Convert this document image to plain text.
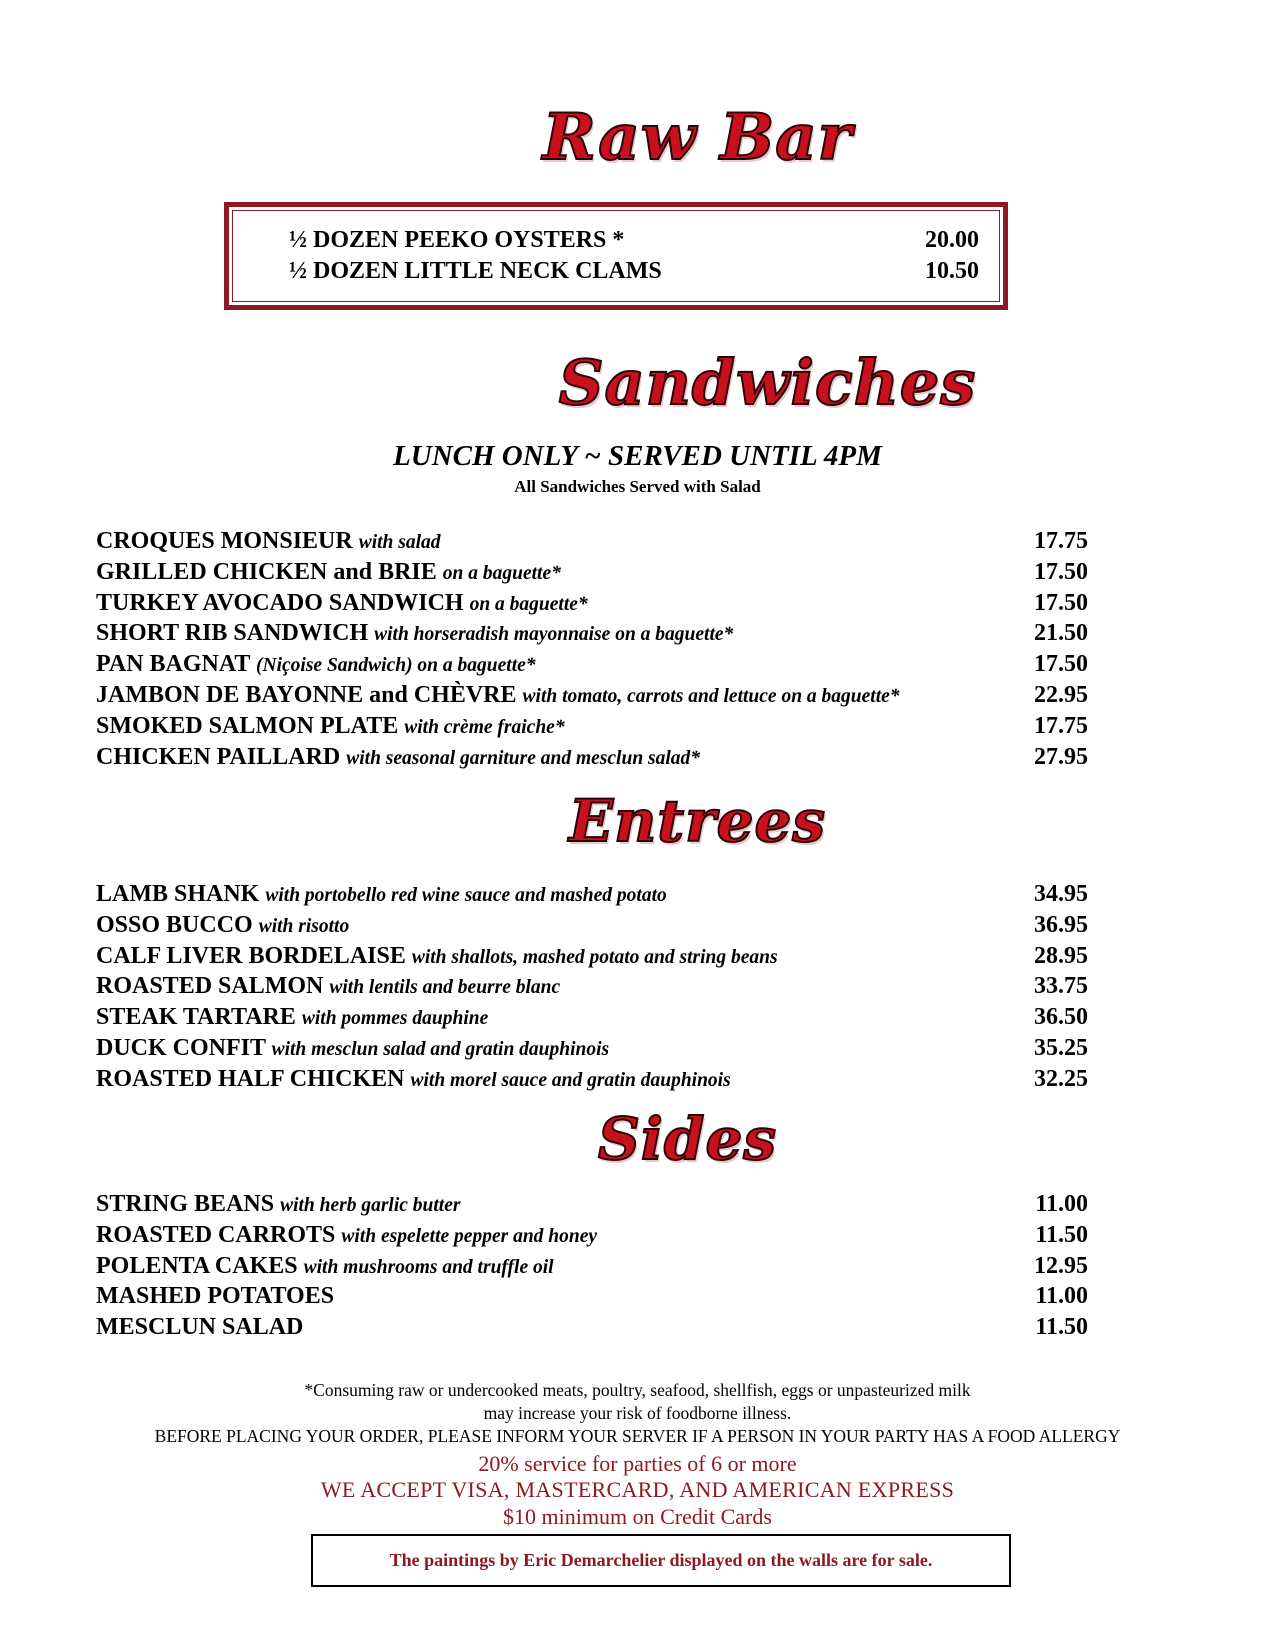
Raw Bar
½ DOZEN PEEKO OYSTERS *	20.00
½ DOZEN LITTLE NECK CLAMS	10.50
Sandwiches
LUNCH ONLY ~ SERVED UNTIL 4PM
All Sandwiches Served with Salad
CROQUES MONSIEUR with salad	17.75
GRILLED CHICKEN and BRIE on a baguette*	17.50
TURKEY AVOCADO SANDWICH on a baguette*	17.50
SHORT RIB SANDWICH with horseradish mayonnaise on a baguette*	21.50
PAN BAGNAT (Niçoise Sandwich) on a baguette*	17.50
JAMBON DE BAYONNE and CHÈVRE with tomato, carrots and lettuce on a baguette*	22.95
SMOKED SALMON PLATE with crème fraiche*	17.75
CHICKEN PAILLARD with seasonal garniture and mesclun salad*	27.95
Entrees
LAMB SHANK with portobello red wine sauce and mashed potato	34.95
OSSO BUCCO with risotto	36.95
CALF LIVER BORDELAISE with shallots, mashed potato and string beans	28.95
ROASTED SALMON with lentils and beurre blanc	33.75
STEAK TARTARE with pommes dauphine	36.50
DUCK CONFIT with mesclun salad and gratin dauphinois	35.25
ROASTED HALF CHICKEN with morel sauce and gratin dauphinois	32.25
Sides
STRING BEANS with herb garlic butter	11.00
ROASTED CARROTS with espelette pepper and honey	11.50
POLENTA CAKES with mushrooms and truffle oil	12.95
MASHED POTATOES	11.00
MESCLUN SALAD	11.50
*Consuming raw or undercooked meats, poultry, seafood, shellfish, eggs or unpasteurized milk
may increase your risk of foodborne illness.
BEFORE PLACING YOUR ORDER, PLEASE INFORM YOUR SERVER IF A PERSON IN YOUR PARTY HAS A FOOD ALLERGY
20% service for parties of 6 or more
WE ACCEPT VISA, MASTERCARD, AND AMERICAN EXPRESS
$10 minimum on Credit Cards
The paintings by Eric Demarchelier displayed on the walls are for sale.
